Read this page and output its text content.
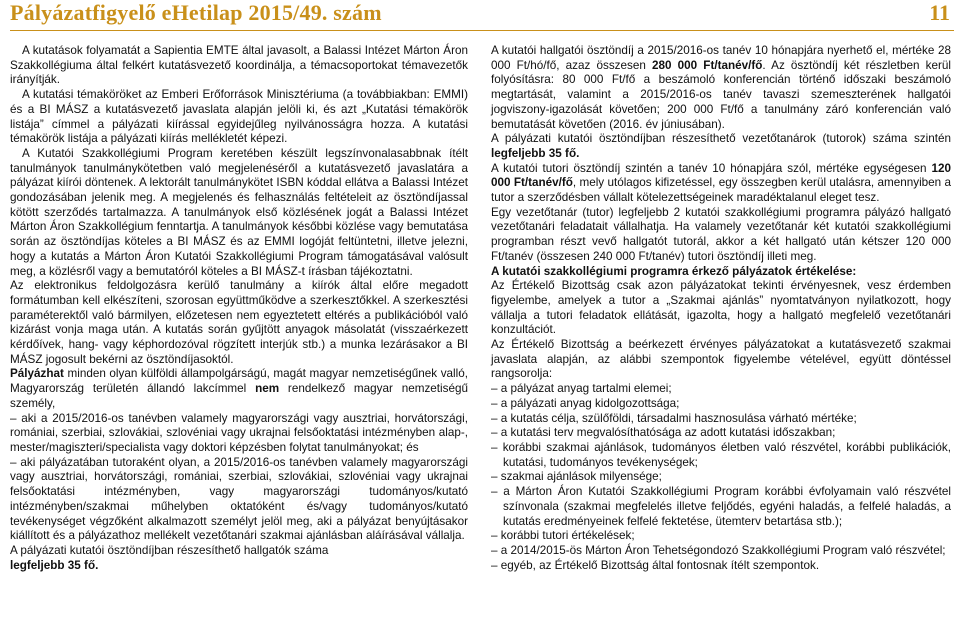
Pályázatfigyelő eHetilap 2015/49. szám	11

A kutatások folyamatát a Sapientia EMTE által javasolt, a Balassi Intézet Márton Áron Szakkollégiuma által felkért kutatásvezető koordinálja, a témacsoportokat témavezetők irányítják.

A kutatási témaköröket az Emberi Erőforrások Minisztériuma (a továbbiakban: EMMI) és a BI MÁSZ a kutatásvezető javaslata alapján jelöli ki, és azt „Kutatási témakörök listája” címmel a pályázati kiírással egyidejűleg nyilvánosságra hozza. A kutatási témakörök listája a pályázati kiírás mellékletét képezi.

A Kutatói Szakkollégiumi Program keretében készült legszínvonalasabbnak ítélt tanulmányok tanulmánykötetben való megjelenéséről a kutatásvezető javaslatára a pályázat kiírói döntenek. A lektorált tanulmánykötet ISBN kóddal ellátva a Balassi Intézet gondozásában jelenik meg. A megjelenés és felhasználás feltételeit az ösztöndíjassal kötött szerződés tartalmazza. A tanulmányok első közlésének jogát a Balassi Intézet Márton Áron Szakkollégium fenntartja. A tanulmányok későbbi közlése vagy bemutatása során az ösztöndíjas köteles a BI MÁSZ és az EMMI logóját feltüntetni, illetve jelezni, hogy a kutatás a Márton Áron Kutatói Szakkollégiumi Program támogatásával valósult meg, a közlésről vagy a bemutatóról köteles a BI MÁSZ-t írásban tájékoztatni.

Az elektronikus feldolgozásra kerülő tanulmány a kiírók által előre megadott formátumban kell elkészíteni, szorosan együttműködve a szerkesztőkkel. A szerkesztési paraméterektől való bármilyen, előzetesen nem egyeztetett eltérés a publikációból való kizárást vonja maga után. A kutatás során gyűjtött anyagok másolatát (visszaérkezett kérdőívek, hang- vagy képhordozóval rögzített interjúk stb.) a munka lezárásakor a BI MÁSZ jogosult bekérni az ösztöndíjasoktól.

Pályázhat minden olyan külföldi állampolgárságú, magát magyar nemzetiségűnek valló, Magyarország területén állandó lakcímmel nem rendelkező magyar nemzetiségű személy,

– aki a 2015/2016-os tanévben valamely magyarországi vagy ausztriai, horvátországi, romániai, szerbiai, szlovákiai, szlovéniai vagy ukrajnai felsőoktatási intézményben alap-, mester/magiszteri/specialista vagy doktori képzésben folytat tanulmányokat; és

– aki pályázatában tutoraként olyan, a 2015/2016-os tanévben valamely magyarországi vagy ausztriai, horvátországi, romániai, szerbiai, szlovákiai, szlovéniai vagy ukrajnai felsőoktatási intézményben, vagy magyarországi tudományos/kutató intézményben/szakmai műhelyben oktatóként és/vagy tudományos/kutató tevékenységet végzőként alkalmazott személyt jelöl meg, aki a pályázat benyújtásakor kiállított és a pályázathoz mellékelt vezetőtanári szakmai ajánlásban aláírásával vállalja.

A pályázati kutatói ösztöndíjban részesíthető hallgatók száma
legfeljebb 35 fő.

A kutatói hallgatói ösztöndíj a 2015/2016-os tanév 10 hónapjára nyerhető el, mértéke 28 000 Ft/hó/fő, azaz összesen 280 000 Ft/tanév/fő. Az ösztöndíj két részletben kerül folyósításra: 80 000 Ft/fő a beszámoló konferencián történő időszaki beszámoló megtartását, valamint a 2015/2016-os tanév tavaszi szemeszterének hallgatói jogviszony-igazolását követően; 200 000 Ft/fő a tanulmány záró konferencián való bemutatását követően (2016. év júniusában).

A pályázati kutatói ösztöndíjban részesíthető vezetőtanárok (tutorok) száma szintén legfeljebb 35 fő.

A kutatói tutori ösztöndíj szintén a tanév 10 hónapjára szól, mértéke egységesen 120 000 Ft/tanév/fő, mely utólagos kifizetéssel, egy összegben kerül utalásra, amennyiben a tutor a szerződésben vállalt kötelezettségeinek maradéktalanul eleget tesz.

Egy vezetőtanár (tutor) legfeljebb 2 kutatói szakkollégiumi programra pályázó hallgató vezetőtanári feladatait vállalhatja. Ha valamely vezetőtanár két kutatói szakkollégiumi programban részt vevő hallgatót tutorál, akkor a két hallgató után kétszer 120 000 Ft/tanév (összesen 240 000 Ft/tanév) tutori ösztöndíj illeti meg.

A kutatói szakkollégiumi programra érkező pályázatok értékelése:

Az Értékelő Bizottság csak azon pályázatokat tekinti érvényesnek, vesz érdemben figyelembe, amelyek a tutor a „Szakmai ajánlás” nyomtatványon nyilatkozott, hogy vállalja a tutori feladatok ellátását, igazolta, hogy a hallgató megfelelő vezetőtanári konzultációt.

Az Értékelő Bizottság a beérkezett érvényes pályázatokat a kutatásvezető szakmai javaslata alapján, az alábbi szempontok figyelembe vételével, együtt döntéssel rangsorolja:

– a pályázat anyag tartalmi elemei;

– a pályázati anyag kidolgozottsága;

– a kutatás célja, szülőföldi, társadalmi hasznosulása várható mértéke;

– a kutatási terv megvalósíthatósága az adott kutatási időszakban;

– korábbi szakmai ajánlások, tudományos életben való részvétel, korábbi publikációk, kutatási, tudományos tevékenységek;

– szakmai ajánlások milyensége;

– a Márton Áron Kutatói Szakkollégiumi Program korábbi évfolyamain való részvétel színvonala (szakmai megfelelés illetve feljődés, egyéni haladás, a felfelé haladás, a kutatás eredményeinek felfelé fektetése, ütemterv betartása stb.);

– korábbi tutori értékelések;

– a 2014/2015-ös Márton Áron Tehetségondozó Szakkollégiumi Program való részvétel;

– egyéb, az Értékelő Bizottság által fontosnak ítélt szempontok.
